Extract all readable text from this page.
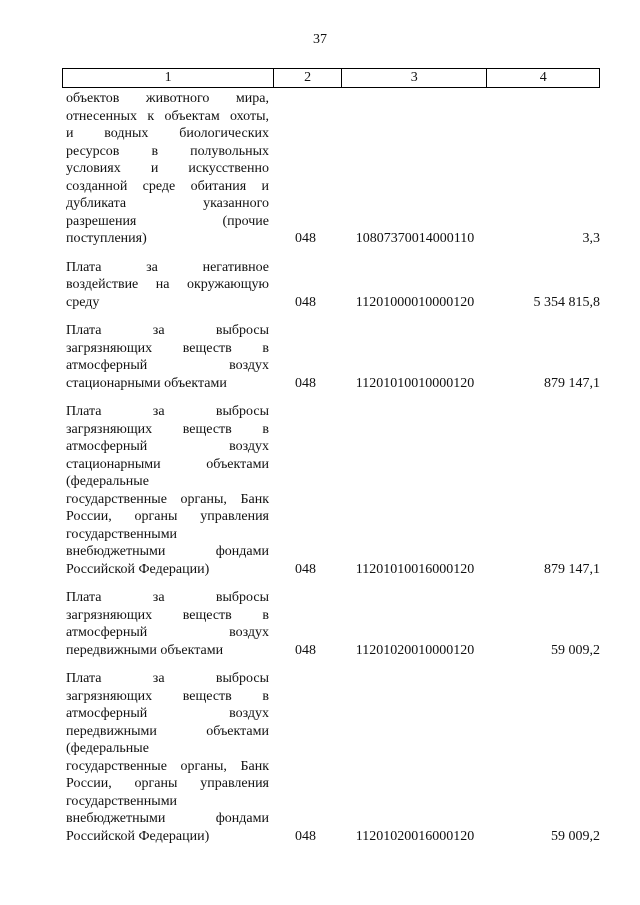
37
1	2	3	4
объектов животного мира,
отнесенных к объектам охоты,
и водных биологических
ресурсов в полувольных
условиях и искусственно
созданной среде обитания и
дубликата указанного
разрешения (прочие
поступления)	048	10807370014000110	3,3
Плата за негативное
воздействие на окружающую
среду	048	11201000010000120	5 354 815,8
Плата за выбросы
загрязняющих веществ в
атмосферный воздух
стационарными объектами	048	11201010010000120	879 147,1
Плата за выбросы
загрязняющих веществ в
атмосферный воздух
стационарными объектами
(федеральные
государственные органы, Банк
России, органы управления
государственными
внебюджетными фондами
Российской Федерации)	048	11201010016000120	879 147,1
Плата за выбросы
загрязняющих веществ в
атмосферный воздух
передвижными объектами	048	11201020010000120	59 009,2
Плата за выбросы
загрязняющих веществ в
атмосферный воздух
передвижными объектами
(федеральные
государственные органы, Банк
России, органы управления
государственными
внебюджетными фондами
Российской Федерации)	048	11201020016000120	59 009,2
